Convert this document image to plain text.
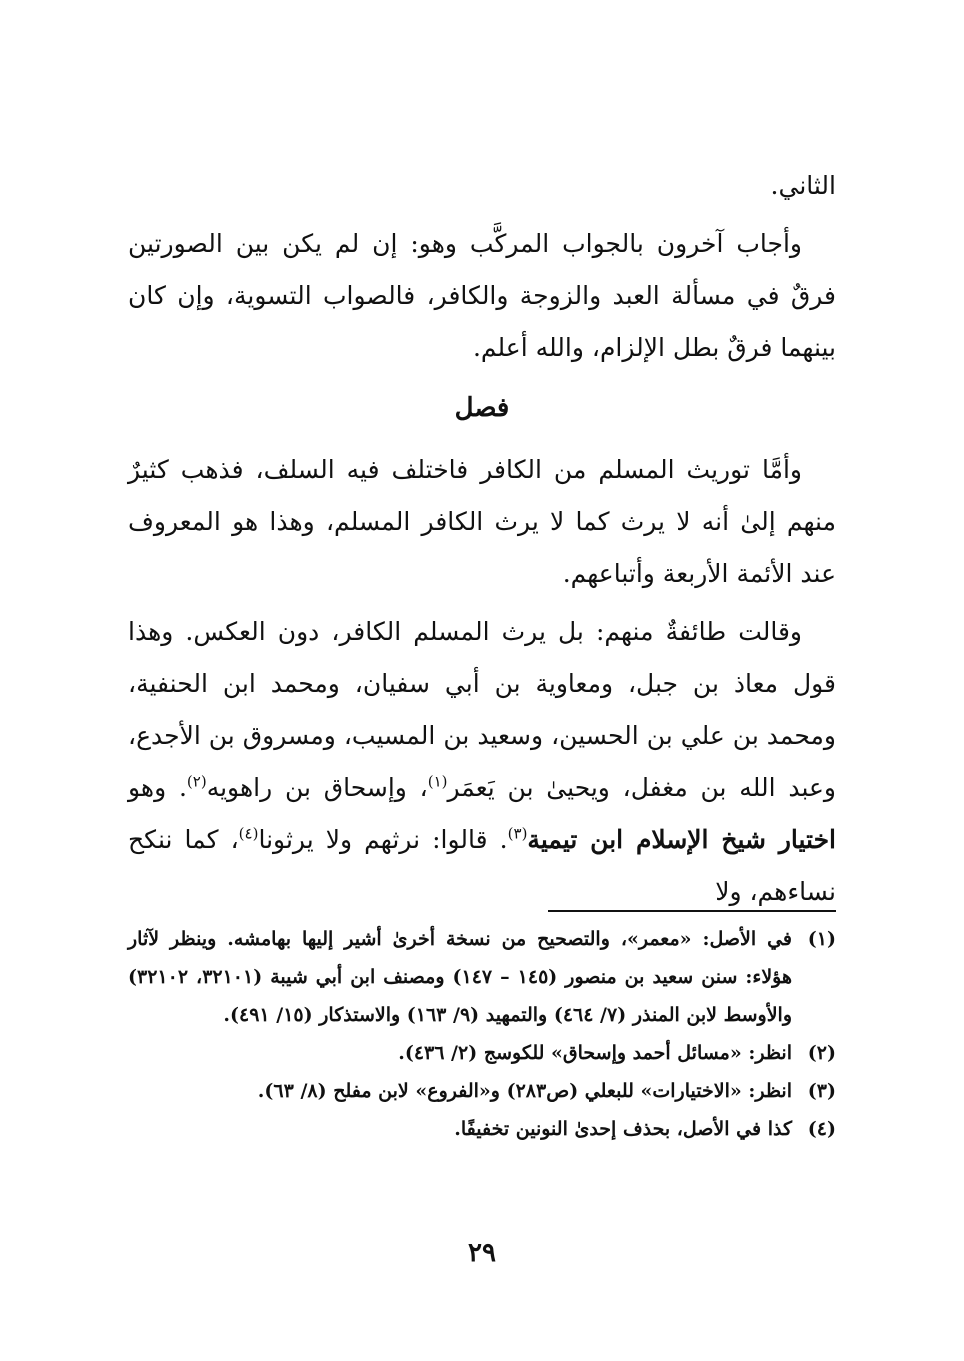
الثاني.

وأجاب آخرون بالجواب المركَّب وهو: إن لم يكن بين الصورتين فرقٌ في مسألة العبد والزوجة والكافر، فالصواب التسوية، وإن كان بينهما فرقٌ بطل الإلزام، والله أعلم.

فصل

وأمَّا توريث المسلم من الكافر فاختلف فيه السلف، فذهب كثيرٌ منهم إلىٰ أنه لا يرث كما لا يرث الكافر المسلم، وهذا هو المعروف عند الأئمة الأربعة وأتباعهم.

وقالت طائفةٌ منهم: بل يرث المسلم الكافر، دون العكس. وهذا قول معاذ بن جبل، ومعاوية بن أبي سفيان، ومحمد ابن الحنفية، ومحمد بن علي بن الحسين، وسعيد بن المسيب، ومسروق بن الأجدع، وعبد الله بن مغفل، ويحيىٰ بن يَعمَر$^{(١)}$، وإسحاق بن راهويه$^{(٢)}$. وهو اختيار شيخ الإسلام ابن تيمية$^{(٣)}$. قالوا: نرثهم ولا يرثونا$^{(٤)}$، كما ننكح نساءهم، ولا

(١)
في الأصل: «معمر»، والتصحيح من نسخة أخرىٰ أشير إليها بهامشه. وينظر لآثار هؤلاء: سنن سعيد بن منصور (١٤٥ – ١٤٧) ومصنف ابن أبي شيبة (٣٢١٠١، ٣٢١٠٢) والأوسط لابن المنذر (٧/ ٤٦٤) والتمهيد (٩/ ١٦٣) والاستذكار (١٥/ ٤٩١).
(٢)
انظر: «مسائل أحمد وإسحاق» للكوسج (٢/ ٤٣٦).
(٣)
انظر: «الاختيارات» للبعلي (ص٢٨٣) و«الفروع» لابن مفلح (٨/ ٦٣).
(٤)
كذا في الأصل، بحذف إحدىٰ النونين تخفيفًا.
٢٩
